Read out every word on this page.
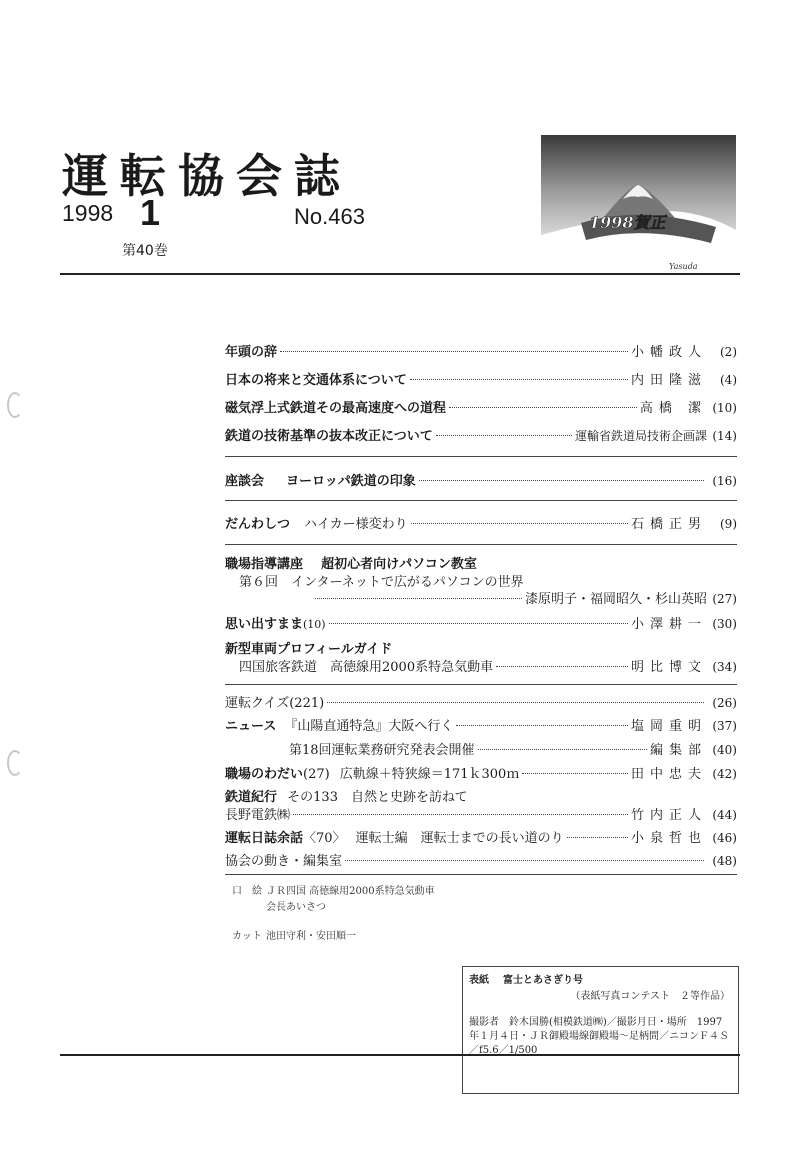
運転協会誌
1998 1
第40巻
No.463	1998賀正
Yasuda
年頭の辞	小幡政人	(2)
日本の将来と交通体系について	内田隆滋	(4)
磁気浮上式鉄道その最高速度への道程	高橋 潔 (10)
鉄道の技術基準の抜本改正について	運輸省鉄道局技術企画課 (14)
座談会 ヨーロッパ鉄道の印象	(16)
だんわしつ ハイカー様変わり	石橋正男	(9)
職場指導講座 超初心者向けパソコン教室
第６回　インターネットで広がるパソコンの世界
漆原明子・福岡昭久・杉山英昭 (27)
思い出すまま (10)	小澤耕一 (30)
新型車両プロフィールガイド
四国旅客鉄道　高徳線用2000系特急気動車	明比博文 (34)
運転クイズ(221)	(26)
ニュース 『山陽直通特急』大阪へ行く	塩岡重明 (37)
第18回運転業務研究発表会開催	編集部 (40)
職場のわだい (27) 広軌線＋特狭線＝171ｋ300ｍ	田中忠夫 (42)
鉄道紀行 その133　自然と史跡を訪ねて
長野電鉄㈱	竹内正人 (44)
運転日誌余話 〈70〉 運転士編　運転士までの長い道のり	小泉哲也 (46)
協会の動き・編集室	(48)
口　絵 ＪＲ四国 高徳線用2000系特急気動車
会長あいさつ
カット 池田守利・安田順一
表紙 富士とあさぎり号
（表紙写真コンテスト　２等作品）
撮影者　鈴木国勝(相模鉄道㈱)／撮影月日・場所　1997
年１月４日・ＪＲ御殿場線御殿場～足柄間／ニコンＦ４Ｓ
／f5.6／1/500
